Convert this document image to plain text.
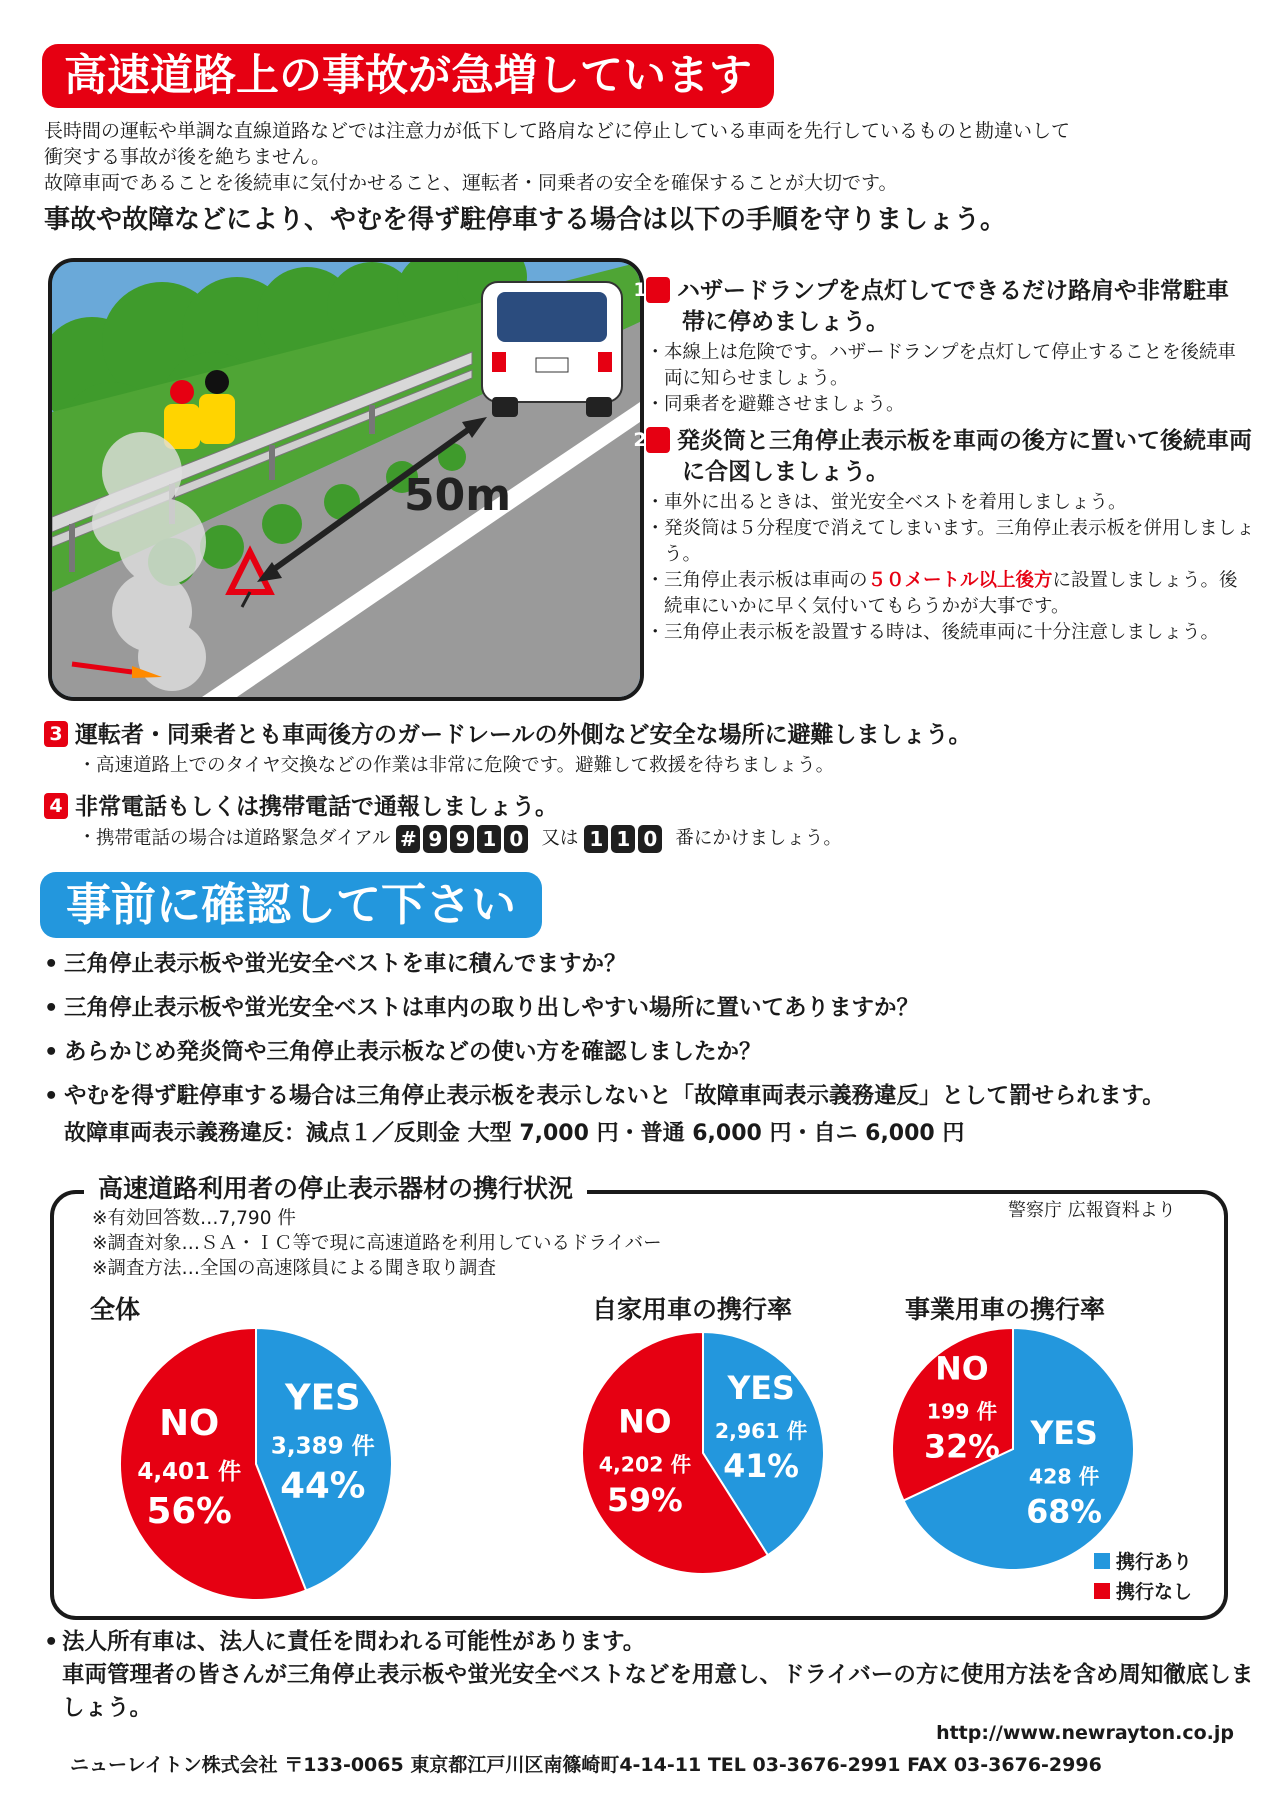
高速道路上の事故が急増しています
長時間の運転や単調な直線道路などでは注意力が低下して路肩などに停止している車両を先行しているものと勘違いして
衝突する事故が後を絶ちません。
故障車両であることを後続車に気付かせること、運転者・同乗者の安全を確保することが大切です。
事故や故障などにより、やむを得ず駐停車する場合は以下の手順を守りましょう。
50m
1 ハザードランプを点灯してできるだけ路肩や非常駐車帯に停めましょう。
・ 本線上は危険です。ハザードランプを点灯して停止することを後続車両に知らせましょう。
・ 同乗者を避難させましょう。
2 発炎筒と三角停止表示板を車両の後方に置いて後続車両に合図しましょう。
・ 車外に出るときは、蛍光安全ベストを着用しましょう。
・ 発炎筒は５分程度で消えてしまいます。三角停止表示板を併用しましょう。
・ 三角停止表示板は車両の５０メートル以上後方に設置しましょう。後続車にいかに早く気付いてもらうかが大事です。
・ 三角停止表示板を設置する時は、後続車両に十分注意しましょう。
3 運転者・同乗者とも車両後方のガードレールの外側など安全な場所に避難しましょう。
・ 高速道路上でのタイヤ交換などの作業は非常に危険です。避難して救援を待ちましょう。
4 非常電話もしくは携帯電話で通報しましょう。
・ 携帯電話の場合は道路緊急ダイアル # 9 9 1 0 又は 1 1 0 番にかけましょう。
事前に確認して下さい
• 三角停止表示板や蛍光安全ベストを車に積んでますか？
• 三角停止表示板や蛍光安全ベストは車内の取り出しやすい場所に置いてありますか？
• あらかじめ発炎筒や三角停止表示板などの使い方を確認しましたか？
• やむを得ず駐停車する場合は三角停止表示板を表示しないと「故障車両表示義務違反」として罰せられます。
故障車両表示義務違反：減点１／反則金 大型 7,000 円・普通 6,000 円・自ニ 6,000 円
高速道路利用者の停止表示器材の携行状況
警察庁 広報資料より
※有効回答数…7,790 件
※調査対象…ＳＡ・ＩＣ等で現に高速道路を利用しているドライバー
※調査方法…全国の高速隊員による聞き取り調査
全体	自家用車の携行率	事業用車の携行率
YES
3,389 件
44%
NO
4,401 件
56%
YES
2,961 件
41%
NO
4,202 件
59%
YES
428 件
68%
NO
199 件
32%
携行あり
携行なし
• 法人所有車は、法人に責任を問われる可能性があります。
車両管理者の皆さんが三角停止表示板や蛍光安全ベストなどを用意し、ドライバーの方に使用方法を含め周知徹底しましょう。
http://www.newrayton.co.jp
ニューレイトン株式会社 〒133-0065 東京都江戸川区南篠崎町4-14-11 TEL 03-3676-2991 FAX 03-3676-2996
